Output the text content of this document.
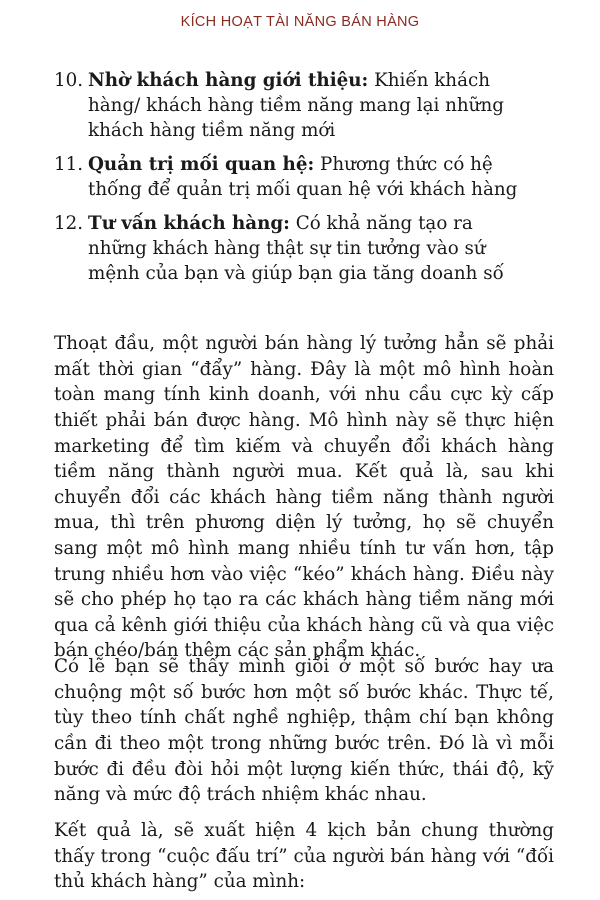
KÍCH HOẠT TÀI NĂNG BÁN HÀNG
10. Nhờ khách hàng giới thiệu: Khiến khách hàng/ khách hàng tiềm năng mang lại những khách hàng tiềm năng mới
11. Quản trị mối quan hệ: Phương thức có hệ thống để quản trị mối quan hệ với khách hàng
12. Tư vấn khách hàng: Có khả năng tạo ra những khách hàng thật sự tin tưởng vào sứ mệnh của bạn và giúp bạn gia tăng doanh số

Thoạt đầu, một người bán hàng lý tưởng hẳn sẽ phải mất thời gian “đẩy” hàng. Đây là một mô hình hoàn toàn mang tính kinh doanh, với nhu cầu cực kỳ cấp thiết phải bán được hàng. Mô hình này sẽ thực hiện marketing để tìm kiếm và chuyển đổi khách hàng tiềm năng thành người mua. Kết quả là, sau khi chuyển đổi các khách hàng tiềm năng thành người mua, thì trên phương diện lý tưởng, họ sẽ chuyển sang một mô hình mang nhiều tính tư vấn hơn, tập trung nhiều hơn vào việc “kéo” khách hàng. Điều này sẽ cho phép họ tạo ra các khách hàng tiềm năng mới qua cả kênh giới thiệu của khách hàng cũ và qua việc bán chéo/bán thêm các sản phẩm khác.

Có lẽ bạn sẽ thấy mình giỏi ở một số bước hay ưa chuộng một số bước hơn một số bước khác. Thực tế, tùy theo tính chất nghề nghiệp, thậm chí bạn không cần đi theo một trong những bước trên. Đó là vì mỗi bước đi đều đòi hỏi một lượng kiến thức, thái độ, kỹ năng và mức độ trách nhiệm khác nhau.

Kết quả là, sẽ xuất hiện 4 kịch bản chung thường thấy trong “cuộc đấu trí” của người bán hàng với “đối thủ khách hàng” của mình:
